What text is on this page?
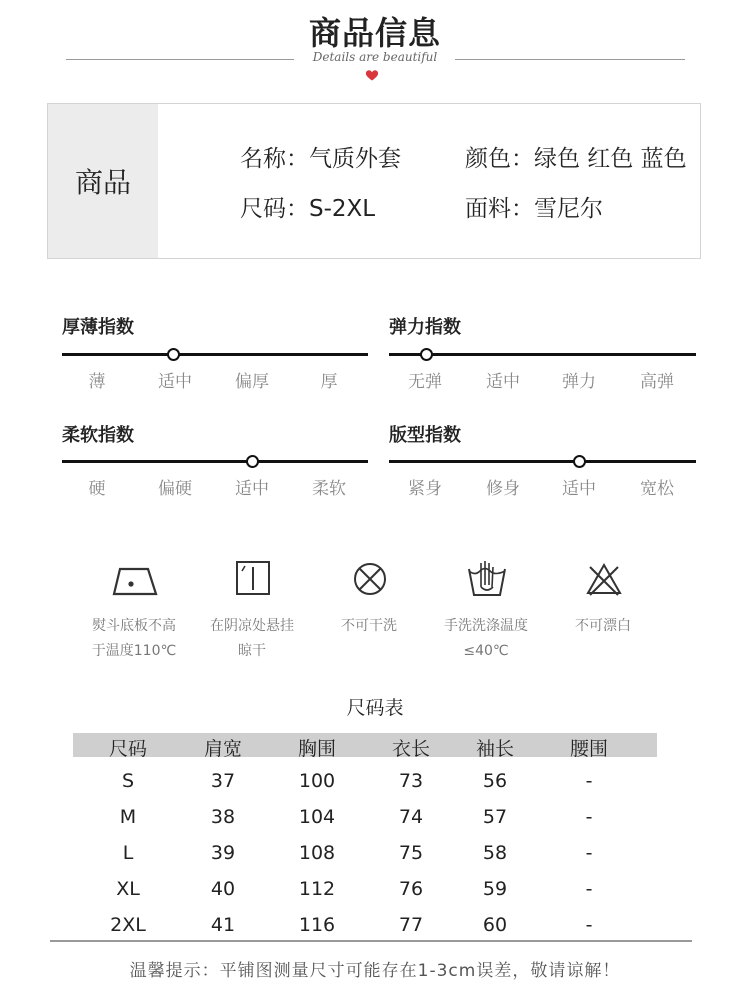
商品信息
Details are beautiful
商品
名称：气质外套
尺码：S-2XL
颜色：绿色 红色 蓝色
面料：雪尼尔
厚薄指数
薄	适中	偏厚	厚
弹力指数
无弹	适中	弹力	高弹
柔软指数
硬	偏硬	适中	柔软
版型指数
紧身	修身	适中	宽松
熨斗底板不高
于温度110℃
在阴凉处悬挂
晾干
不可干洗	手洗洗涤温度
≤40℃
不可漂白
尺码表
尺码	肩宽	胸围	衣长	袖长	腰围
S	37	100	73	56	-
M	38	104	74	57	-
L	39	108	75	58	-
XL	40	112	76	59	-
2XL	41	116	77	60	-
温馨提示：平铺图测量尺寸可能存在1-3cm误差，敬请谅解！
